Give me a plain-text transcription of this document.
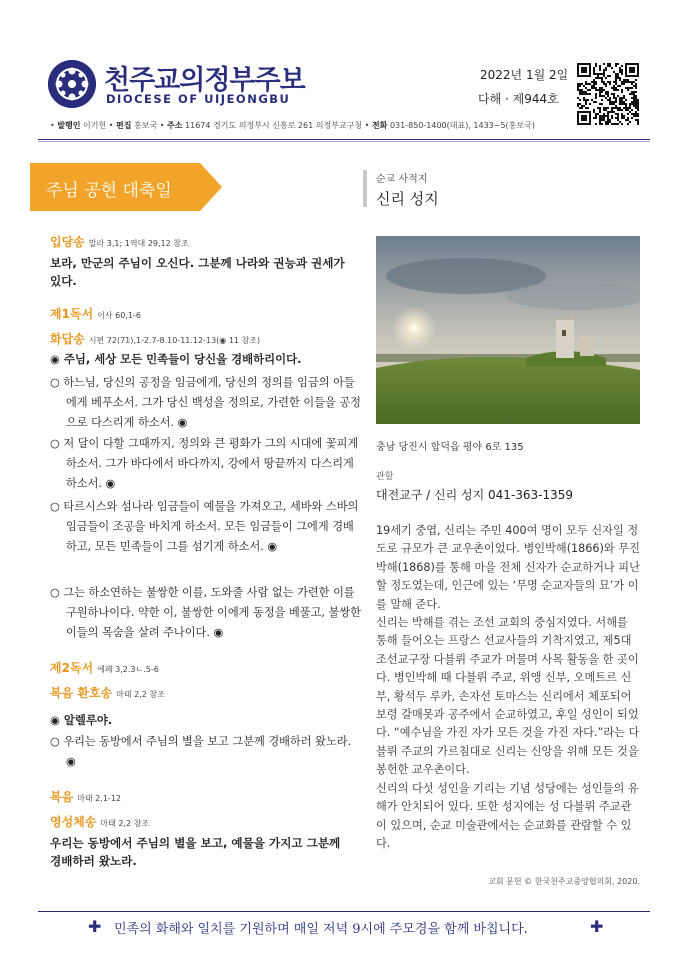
천주교의정부주보
DIOCESE OF UIJEONGBU
2022년 1월 2일
다해 · 제944호
• 발행인 이기헌 • 편집 홍보국 • 주소 11674 경기도 의정부시 신흥로 261 의정부교구청 • 전화 031-850-1400(대표), 1433~5(홍보국)
주님 공현 대축일
입당송 말라 3,1; 1역대 29,12 참조
보라, 만군의 주님이 오신다. 그분께 나라와 권능과 권세가 있다.
제1독서 이사 60,1-6
화답송 시편 72(71),1-2.7-8.10-11.12-13(◉ 11 참조)
◉ 주님, 세상 모든 민족들이 당신을 경배하리이다.
○ 하느님, 당신의 공정을 임금에게, 당신의 정의를 임금의 아들에게 베푸소서. 그가 당신 백성을 정의로, 가련한 이들을 공정으로 다스리게 하소서. ◉
○ 저 달이 다할 그때까지, 정의와 큰 평화가 그의 시대에 꽃피게 하소서. 그가 바다에서 바다까지, 강에서 땅끝까지 다스리게 하소서. ◉
○ 타르시스와 섬나라 임금들이 예물을 가져오고, 세바와 스바의 임금들이 조공을 바치게 하소서. 모든 임금들이 그에게 경배하고, 모든 민족들이 그를 섬기게 하소서. ◉
○ 그는 하소연하는 불쌍한 이를, 도와줄 사람 없는 가련한 이를 구원하나이다. 약한 이, 불쌍한 이에게 동정을 베풀고, 불쌍한 이들의 목숨을 살려 주나이다. ◉
제2독서 에페 3,2.3ㄴ.5-6
복음 환호송 마태 2,2 참조
◉ 알렐루야.
○ 우리는 동방에서 주님의 별을 보고 그분께 경배하러 왔노라. ◉
복음 마태 2,1-12
영성체송 마태 2,2 참조
우리는 동방에서 주님의 별을 보고, 예물을 가지고 그분께 경배하러 왔노라.
순교 사적지
신리 성지
충남 당진시 합덕읍 평야 6로 135
관할
대전교구 / 신리 성지 041-363-1359

19세기 중엽, 신리는 주민 400여 명이 모두 신자일 정도로 규모가 큰 교우촌이었다. 병인박해(1866)와 무진박해(1868)를 통해 마을 전체 신자가 순교하거나 피난할 정도였는데, 인근에 있는 ‘무명 순교자들의 묘’가 이를 말해 준다.

신리는 박해를 겪는 조선 교회의 중심지였다. 서해를 통해 들어오는 프랑스 선교사들의 기착지였고, 제5대 조선교구장 다블뤼 주교가 머물며 사목 활동을 한 곳이다. 병인박해 때 다블뤼 주교, 위앵 신부, 오메트르 신부, 황석두 루카, 손자선 토마스는 신리에서 체포되어 보령 갈매못과 공주에서 순교하였고, 후일 성인이 되었다. “예수님을 가진 자가 모든 것을 가진 자다.”라는 다블뤼 주교의 가르침대로 신리는 신앙을 위해 모든 것을 봉헌한 교우촌이다.

신리의 다섯 성인을 기리는 기념 성당에는 성인들의 유해가 안치되어 있다. 또한 성지에는 성 다블뤼 주교관이 있으며, 순교 미술관에서는 순교화를 관람할 수 있다.

교회 문헌 © 한국천주교중앙협의회, 2020.
✚ 민족의 화해와 일치를 기원하며 매일 저녁 9시에 주모경을 함께 바칩니다.	✚
